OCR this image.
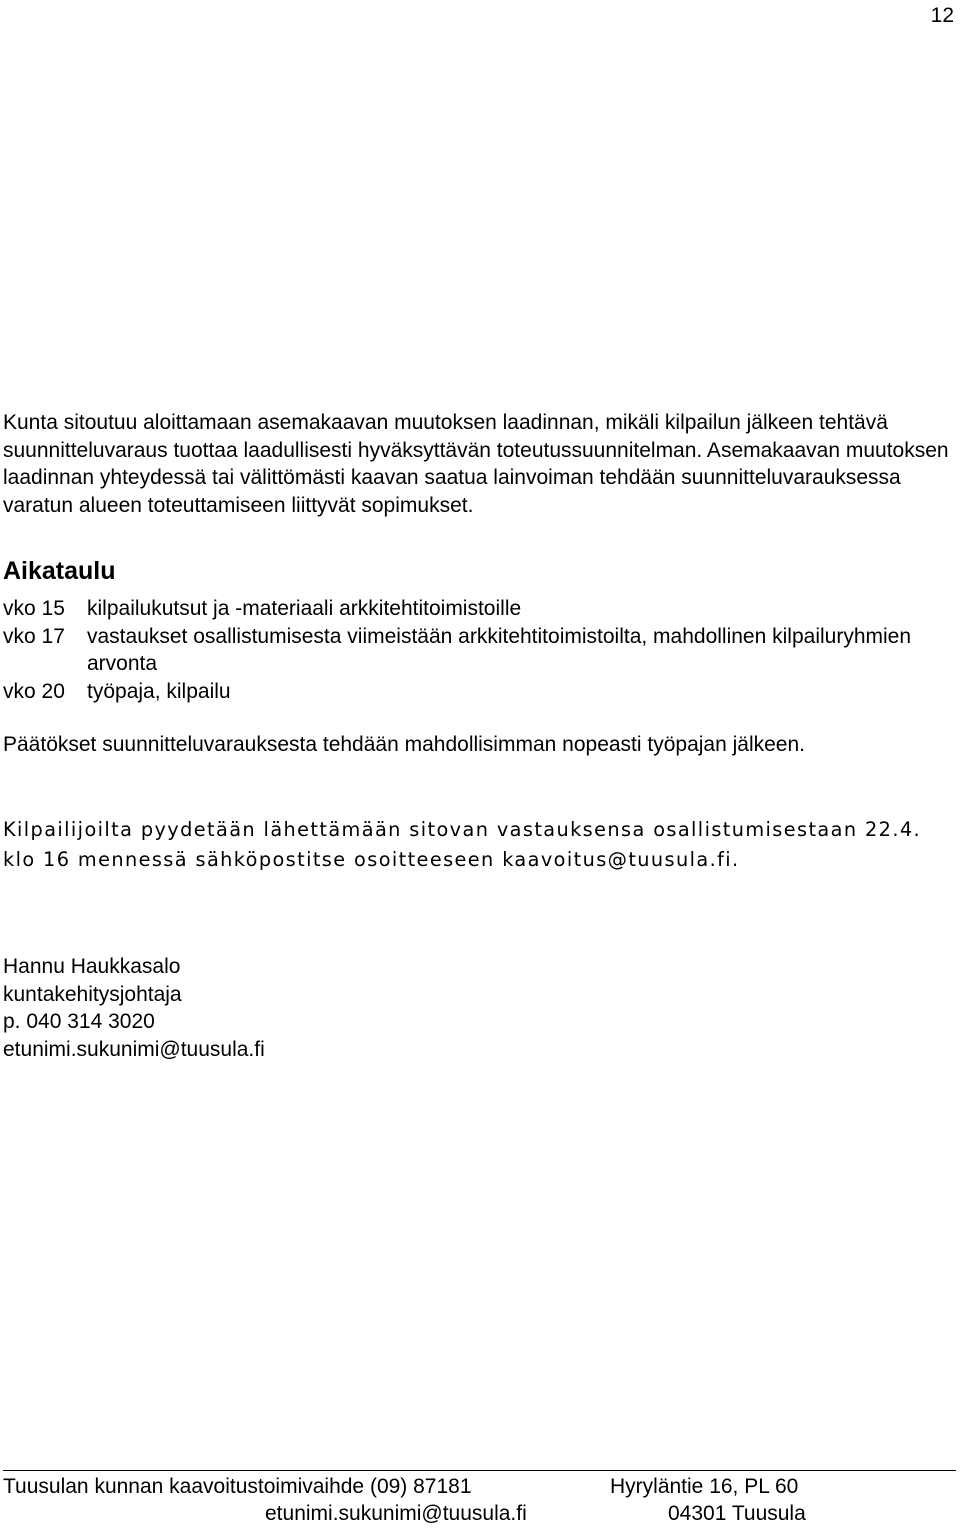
12

Kunta sitoutuu aloittamaan asemakaavan muutoksen laadinnan, mikäli kilpailun jälkeen tehtävä suunnitteluvaraus tuottaa laadullisesti hyväksyttävän toteutussuunnitelman. Asemakaavan muutoksen laadinnan yhteydessä tai välittömästi kaavan saatua lainvoiman tehdään suunnitteluvarauksessa varatun alueen toteuttamiseen liittyvät sopimukset.

Aikataulu
vko 15	kilpailukutsut ja -materiaali arkkitehtitoimistoille
vko 17	vastaukset osallistumisesta viimeistään arkkitehtitoimistoilta, mahdollinen kilpailuryhmien arvonta
vko 20	työpaja, kilpailu

Päätökset suunnitteluvarauksesta tehdään mahdollisimman nopeasti työpajan jälkeen.

Kilpailijoilta pyydetään lähettämään sitovan vastauksensa osallistumisestaan 22.4. klo 16 mennessä sähköpostitse osoitteeseen kaavoitus@tuusula.fi.

Hannu Haukkasalo
kuntakehitysjohtaja
p. 040 314 3020
etunimi.sukunimi@tuusula.fi
Tuusulan kunnan kaavoitustoimivaihde (09) 87181	Hyryläntie 16, PL 60
etunimi.sukunimi@tuusula.fi	04301 Tuusula
